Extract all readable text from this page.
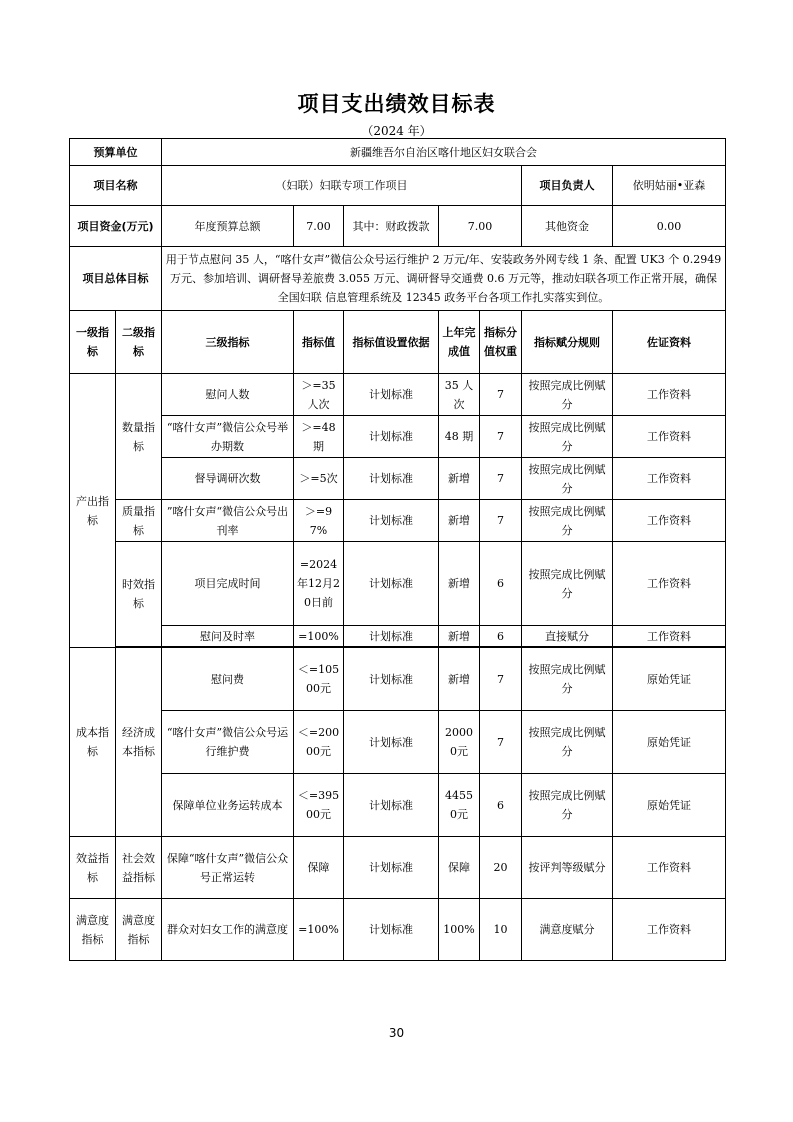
项目支出绩效目标表
（2024 年）
预算单位		新疆维吾尔自治区喀什地区妇女联合会						
项目名称		（妇联）妇联专项工作项目					项目负责人	依明姑丽•亚森
项目资金(万元)		年度预算总额	7.00	其中：财政拨款	7.00		其他资金	0.00
项目总体目标		用于节点慰问 35 人，“喀什女声”微信公众号运行维护 2 万元/年、安装政务外网专线 1 条、配置 UK3 个 0.2949 万元、参加培训、调研督导差旅费 3.055 万元、调研督导交通费 0.6 万元等，推动妇联各项工作正常开展，确保全国妇联 信息管理系统及 12345 政务平台各项工作扎实落实到位。						
一级指标	二级指标	三级指标	指标值	指标值设置依据	上年完成值	指标分值权重	指标赋分规则	佐证资料
产出指标	数量指标	慰问人数	＞=35人次	计划标准	35 人次	7	按照完成比例赋分	工作资料
		“喀什女声”微信公众号举办期数	＞=48期	计划标准	48 期	7	按照完成比例赋分	工作资料
		督导调研次数	＞=5次	计划标准	新增	7	按照完成比例赋分	工作资料
	质量指标	”喀什女声“微信公众号出刊率	＞=97%	计划标准	新增	7	按照完成比例赋分	工作资料
	时效指标	项目完成时间	=2024年12月20日前	计划标准	新增	6	按照完成比例赋分	工作资料
		慰问及时率	=100%	计划标准	新增	6	直接赋分	工作资料

成本指标	经济成本指标	慰问费	＜=10500元	计划标准	新增	7	按照完成比例赋分	原始凭证
		“喀什女声”微信公众号运行维护费	＜=20000元	计划标准	20000元	7	按照完成比例赋分	原始凭证
		保障单位业务运转成本	＜=39500元	计划标准	44550元	6	按照完成比例赋分	原始凭证
效益指标	社会效益指标	保障“喀什女声”微信公众号正常运转	保障	计划标准	保障	20	按评判等级赋分	工作资料
满意度指标	满意度指标	群众对妇女工作的满意度	=100%	计划标准	100%	10	满意度赋分	工作资料
30
